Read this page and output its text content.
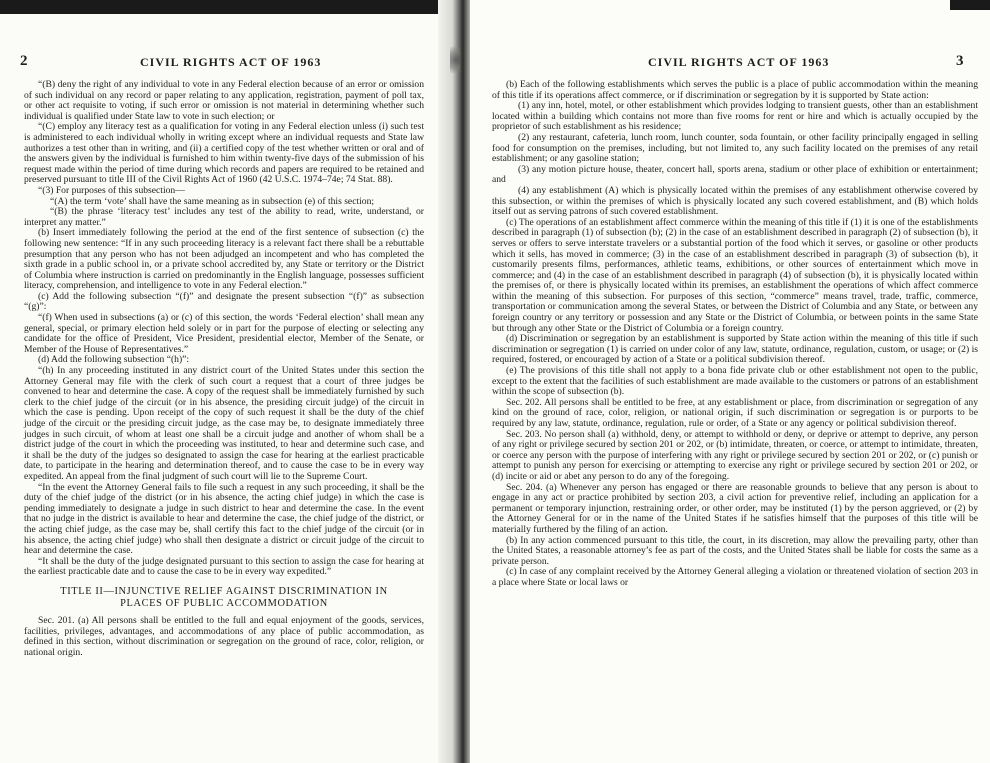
2	CIVIL RIGHTS ACT OF 1963

“(B) deny the right of any individual to vote in any Federal election because of an error or omission of such individual on any record or paper relating to any application, registration, payment of poll tax, or other act requisite to voting, if such error or omission is not material in determining whether such individual is qualified under State law to vote in such election; or

“(C) employ any literacy test as a qualification for voting in any Federal election unless (i) such test is administered to each individual wholly in writing except where an individual requests and State law authorizes a test other than in writing, and (ii) a certified copy of the test whether written or oral and of the answers given by the individual is furnished to him within twenty-five days of the submission of his request made within the period of time during which records and papers are required to be retained and preserved pursuant to title III of the Civil Rights Act of 1960 (42 U.S.C. 1974–74e; 74 Stat. 88).

“(3) For purposes of this subsection—

“(A) the term ‘vote’ shall have the same meaning as in subsection (e) of this section;

“(B) the phrase ‘literacy test’ includes any test of the ability to read, write, understand, or interpret any matter.”

(b) Insert immediately following the period at the end of the first sentence of subsection (c) the following new sentence: “If in any such proceeding literacy is a relevant fact there shall be a rebuttable presumption that any person who has not been adjudged an incompetent and who has completed the sixth grade in a public school in, or a private school accredited by, any State or territory or the District of Columbia where instruction is carried on predominantly in the English language, possesses sufficient literacy, comprehension, and intelligence to vote in any Federal election.”

(c) Add the following subsection “(f)” and designate the present subsection “(f)” as subsection “(g)”:

“(f) When used in subsections (a) or (c) of this section, the words ‘Federal election’ shall mean any general, special, or primary election held solely or in part for the purpose of electing or selecting any candidate for the office of President, Vice President, presidential elector, Member of the Senate, or Member of the House of Representatives.”

(d) Add the following subsection “(h)”:

“(h) In any proceeding instituted in any district court of the United States under this section the Attorney General may file with the clerk of such court a request that a court of three judges be convened to hear and determine the case. A copy of the request shall be immediately furnished by such clerk to the chief judge of the circuit (or in his absence, the presiding circuit judge) of the circuit in which the case is pending. Upon receipt of the copy of such request it shall be the duty of the chief judge of the circuit or the presiding circuit judge, as the case may be, to designate immediately three judges in such circuit, of whom at least one shall be a circuit judge and another of whom shall be a district judge of the court in which the proceeding was instituted, to hear and determine such case, and it shall be the duty of the judges so designated to assign the case for hearing at the earliest practicable date, to participate in the hearing and determination thereof, and to cause the case to be in every way expedited. An appeal from the final judgment of such court will lie to the Supreme Court.

“In the event the Attorney General fails to file such a request in any such proceeding, it shall be the duty of the chief judge of the district (or in his absence, the acting chief judge) in which the case is pending immediately to designate a judge in such district to hear and determine the case. In the event that no judge in the district is available to hear and determine the case, the chief judge of the district, or the acting chief judge, as the case may be, shall certify this fact to the chief judge of the circuit (or in his absence, the acting chief judge) who shall then designate a district or circuit judge of the circuit to hear and determine the case.

“It shall be the duty of the judge designated pursuant to this section to assign the case for hearing at the earliest practicable date and to cause the case to be in every way expedited.”

TITLE II—INJUNCTIVE RELIEF AGAINST DISCRIMINATION IN
PLACES OF PUBLIC ACCOMMODATION

Sec. 201. (a) All persons shall be entitled to the full and equal enjoyment of the goods, services, facilities, privileges, advantages, and accommodations of any place of public accommodation, as defined in this section, without discrimination or segregation on the ground of race, color, religion, or national origin.

CIVIL RIGHTS ACT OF 1963	3

(b) Each of the following establishments which serves the public is a place of public accommodation within the meaning of this title if its operations affect commerce, or if discrimination or segregation by it is supported by State action:

(1) any inn, hotel, motel, or other establishment which provides lodging to transient guests, other than an establishment located within a building which contains not more than five rooms for rent or hire and which is actually occupied by the proprietor of such establishment as his residence;

(2) any restaurant, cafeteria, lunch room, lunch counter, soda fountain, or other facility principally engaged in selling food for consumption on the premises, including, but not limited to, any such facility located on the premises of any retail establishment; or any gasoline station;

(3) any motion picture house, theater, concert hall, sports arena, stadium or other place of exhibition or entertainment; and

(4) any establishment (A) which is physically located within the premises of any establishment otherwise covered by this subsection, or within the premises of which is physically located any such covered establishment, and (B) which holds itself out as serving patrons of such covered establishment.

(c) The operations of an establishment affect commerce within the meaning of this title if (1) it is one of the establishments described in paragraph (1) of subsection (b); (2) in the case of an establishment described in paragraph (2) of subsection (b), it serves or offers to serve interstate travelers or a substantial portion of the food which it serves, or gasoline or other products which it sells, has moved in commerce; (3) in the case of an establishment described in paragraph (3) of subsection (b), it customarily presents films, performances, athletic teams, exhibitions, or other sources of entertainment which move in commerce; and (4) in the case of an establishment described in paragraph (4) of subsection (b), it is physically located within the premises of, or there is physically located within its premises, an establishment the operations of which affect commerce within the meaning of this subsection. For purposes of this section, “commerce” means travel, trade, traffic, commerce, transportation or communication among the several States, or between the District of Columbia and any State, or between any foreign country or any territory or possession and any State or the District of Columbia, or between points in the same State but through any other State or the District of Columbia or a foreign country.

(d) Discrimination or segregation by an establishment is supported by State action within the meaning of this title if such discrimination or segregation (1) is carried on under color of any law, statute, ordinance, regulation, custom, or usage; or (2) is required, fostered, or encouraged by action of a State or a political subdivision thereof.

(e) The provisions of this title shall not apply to a bona fide private club or other establishment not open to the public, except to the extent that the facilities of such establishment are made available to the customers or patrons of an establishment within the scope of subsection (b).

Sec. 202. All persons shall be entitled to be free, at any establishment or place, from discrimination or segregation of any kind on the ground of race, color, religion, or national origin, if such discrimination or segregation is or purports to be required by any law, statute, ordinance, regulation, rule or order, of a State or any agency or political subdivision thereof.

Sec. 203. No person shall (a) withhold, deny, or attempt to withhold or deny, or deprive or attempt to deprive, any person of any right or privilege secured by section 201 or 202, or (b) intimidate, threaten, or coerce, or attempt to intimidate, threaten, or coerce any person with the purpose of interfering with any right or privilege secured by section 201 or 202, or (c) punish or attempt to punish any person for exercising or attempting to exercise any right or privilege secured by section 201 or 202, or (d) incite or aid or abet any person to do any of the foregoing.

Sec. 204. (a) Whenever any person has engaged or there are reasonable grounds to believe that any person is about to engage in any act or practice prohibited by section 203, a civil action for preventive relief, including an application for a permanent or temporary injunction, restraining order, or other order, may be instituted (1) by the person aggrieved, or (2) by the Attorney General for or in the name of the United States if he satisfies himself that the purposes of this title will be materially furthered by the filing of an action.

(b) In any action commenced pursuant to this title, the court, in its discretion, may allow the prevailing party, other than the United States, a reasonable attorney’s fee as part of the costs, and the United States shall be liable for costs the same as a private person.

(c) In case of any complaint received by the Attorney General alleging a violation or threatened violation of section 203 in a place where State or local laws or
